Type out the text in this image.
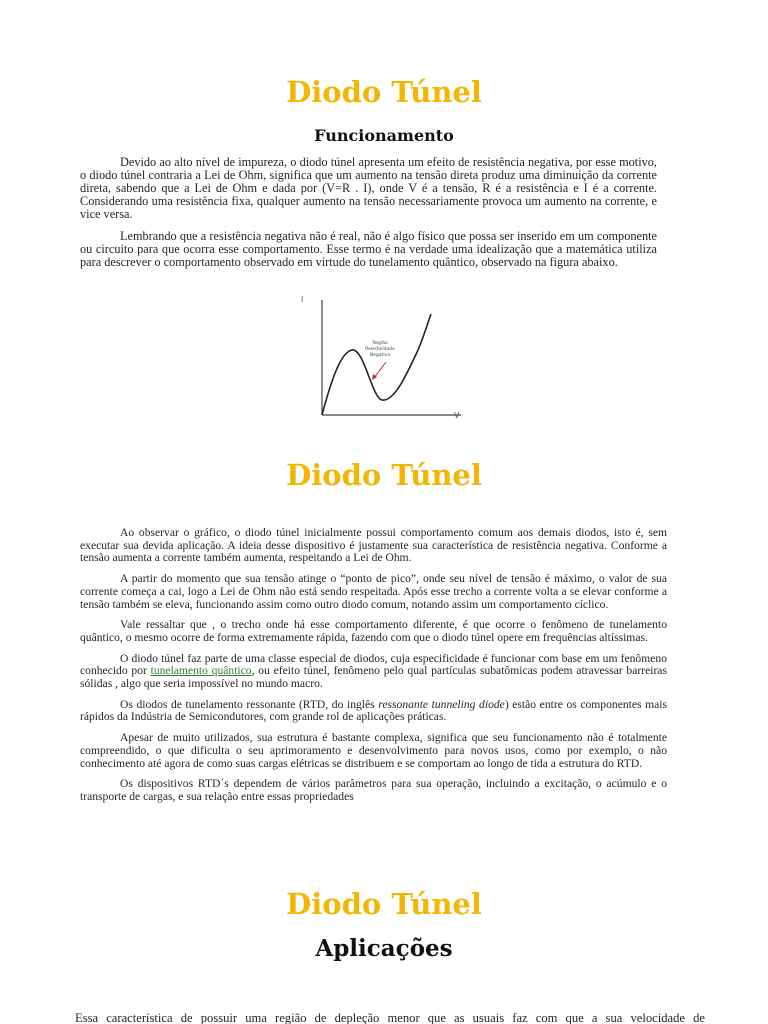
Diodo Túnel
Funcionamento

Devido ao alto nível de impureza, o diodo túnel apresenta um efeito de resistência negativa, por esse motivo, o diodo túnel contraria a Lei de Ohm, significa que um aumento na tensão direta produz uma diminuição da corrente direta, sabendo que a Lei de Ohm e dada por (V=R . I), onde V é a tensão, R é a resistência e I é a corrente. Considerando uma resistência fixa, qualquer aumento na tensão necessariamente provoca um aumento na corrente, e vice versa.

Lembrando que a resistência negativa não é real, não é algo físico que possa ser inserido em um componente ou circuito para que ocorra esse comportamento. Esse termo é na verdade uma idealização que a matemática utiliza para descrever o comportamento observado em virtude do tunelamento quântico, observado na figura abaixo.

I
V
Região
Resistividade
Negativa
Diodo Túnel

Ao observar o gráfico, o diodo túnel inicialmente possui comportamento comum aos demais diodos, isto é, sem executar sua devida aplicação. A ideia desse dispositivo é justamente sua característica de resistência negativa. Conforme a tensão aumenta a corrente também aumenta, respeitando a Lei de Ohm.

A partir do momento que sua tensão atinge o “ponto de pico”, onde seu nível de tensão é máximo, o valor de sua corrente começa a cai, logo a Lei de Ohm não está sendo respeitada. Após esse trecho a corrente volta a se elevar conforme a tensão também se eleva, funcionando assim como outro diodo comum, notando assim um comportamento cíclico.

Vale ressaltar que , o trecho onde há esse comportamento diferente, é que ocorre o fenômeno de tunelamento quântico, o mesmo ocorre de forma extremamente rápida, fazendo com que o diodo túnel opere em frequências altíssimas.

O diodo túnel faz parte de uma classe especial de diodos, cuja especificidade é funcionar com base em um fenômeno conhecido por tunelamento quântico, ou efeito túnel, fenômeno pelo qual partículas subatômicas podem atravessar barreiras sólidas , algo que seria impossível no mundo macro.

Os diodos de tunelamento ressonante (RTD, do inglês ressonante tunneling diode) estão entre os componentes mais rápidos da Indústria de Semicondutores, com grande rol de aplicações práticas.

Apesar de muito utilizados, sua estrutura é bastante complexa, significa que seu funcionamento não é totalmente compreendido, o que dificulta o seu aprimoramento e desenvolvimento para novos usos, como por exemplo, o não conhecimento até agora de como suas cargas elétricas se distribuem e se comportam ao longo de tida a estrutura do RTD.

Os dispositivos RTD´s dependem de vários parâmetros para sua operação, incluindo a excitação, o acúmulo e o transporte de cargas, e sua relação entre essas propriedades

Diodo Túnel
Aplicações
Essa característica de possuir uma região de depleção menor que as usuais faz com que a sua velocidade de
